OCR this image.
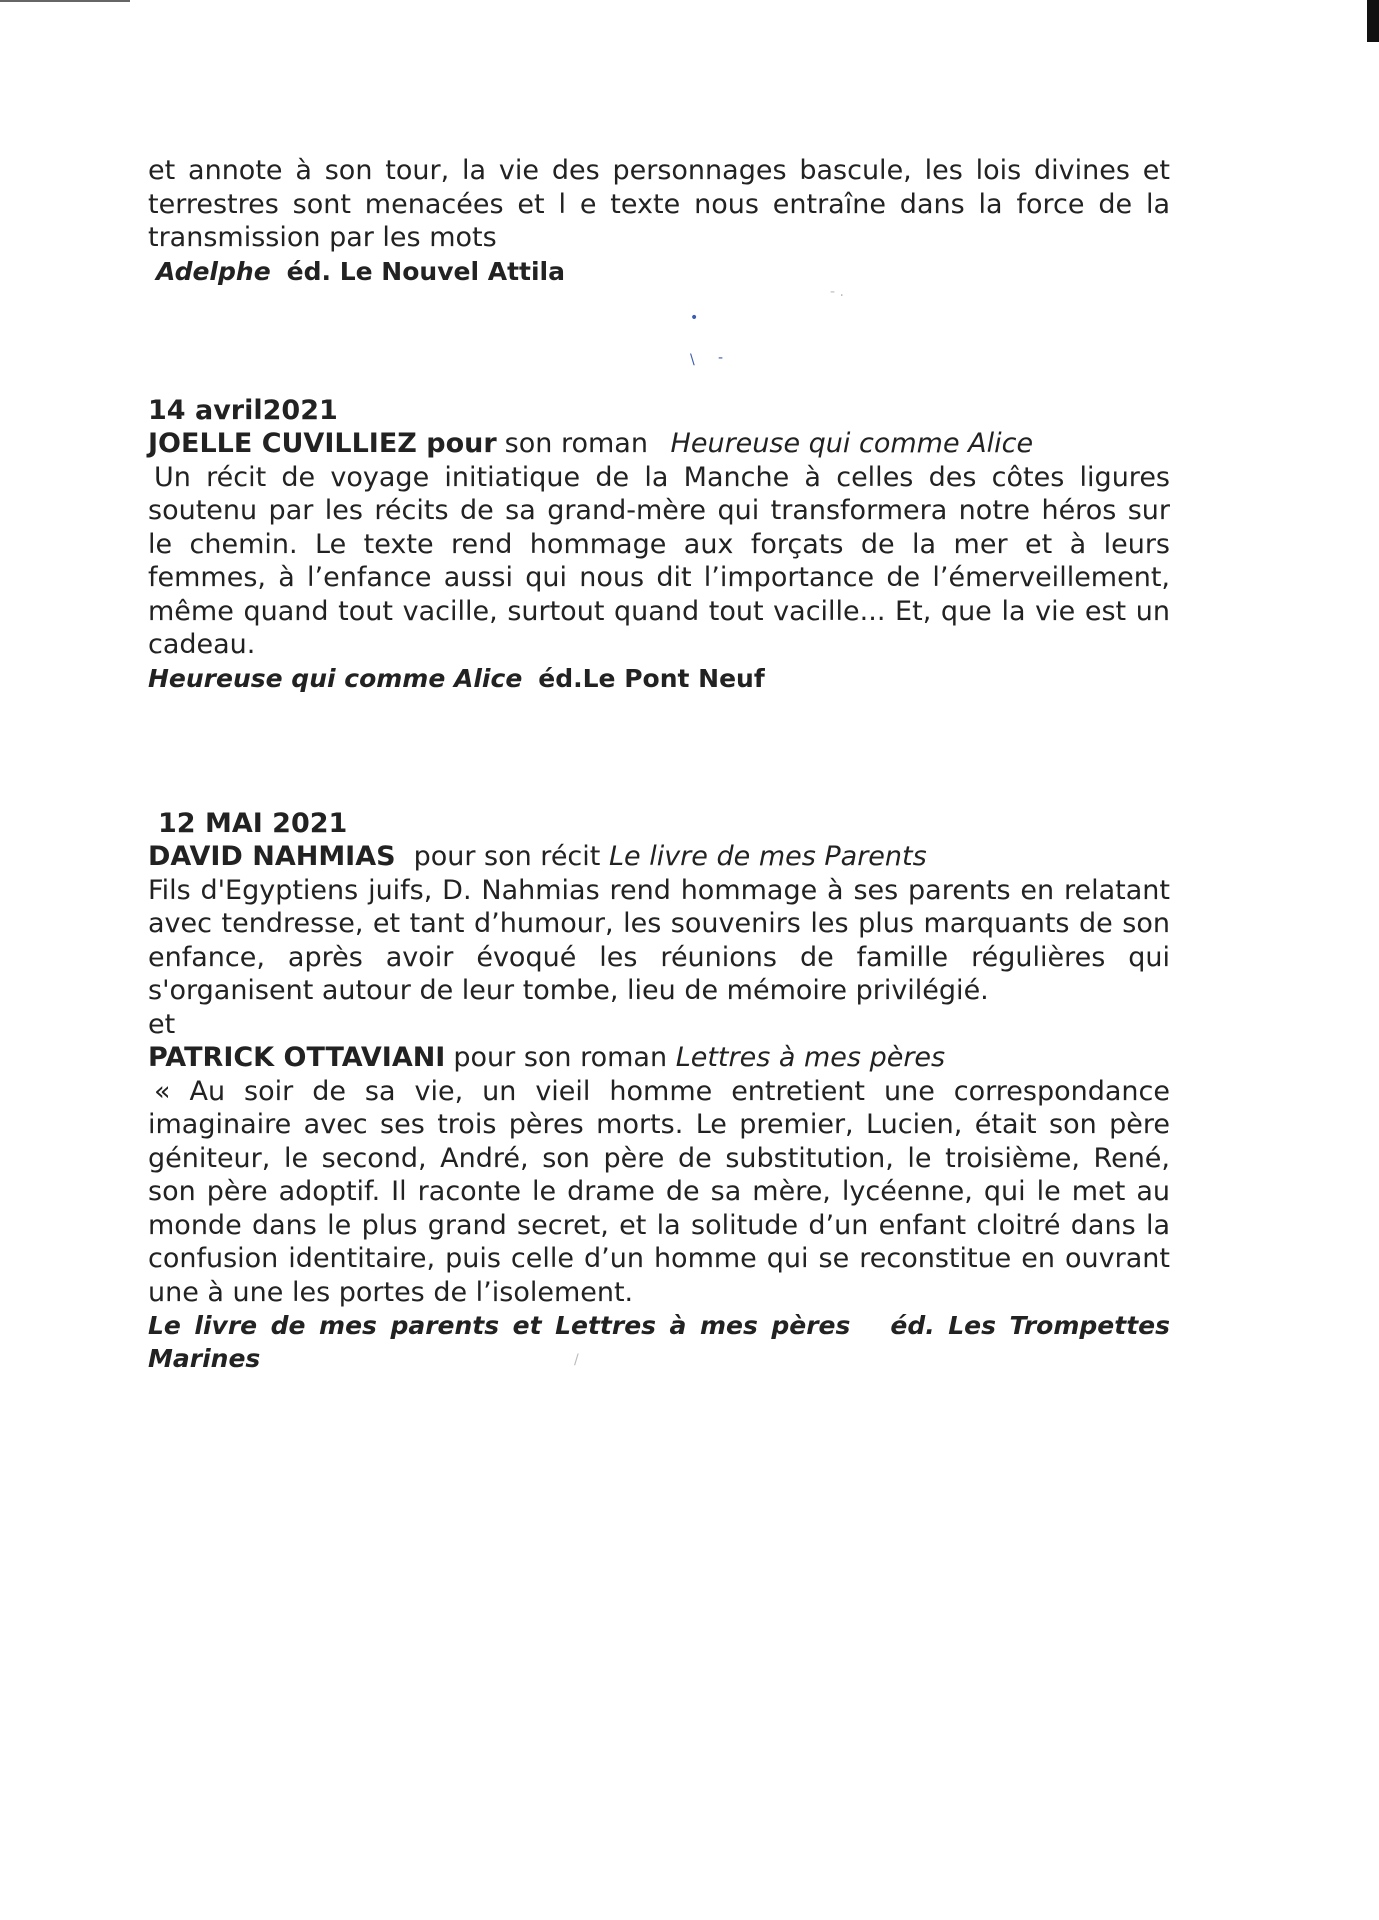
•
\ -
- .
/

et annote à son tour, la vie des personnages bascule, les lois divines et terrestres sont menacées et l e texte nous entraîne dans la force de la transmission par les mots

Adelphe éd. Le Nouvel Attila

14 avril2021

JOELLE CUVILLIEZ pour son roman Heureuse qui comme Alice

Un récit de voyage initiatique de la Manche à celles des côtes ligures soutenu par les récits de sa grand-mère qui transformera notre héros sur le chemin. Le texte rend hommage aux forçats de la mer et à leurs femmes, à l’enfance aussi qui nous dit l’importance de l’émerveillement, même quand tout vacille, surtout quand tout vacille... Et, que la vie est un cadeau.

Heureuse qui comme Alice éd.Le Pont Neuf

12 MAI 2021

DAVID NAHMIAS pour son récit Le livre de mes Parents

Fils d'Egyptiens juifs, D. Nahmias rend hommage à ses parents en relatant avec tendresse, et tant d’humour, les souvenirs les plus marquants de son enfance, après avoir évoqué les réunions de famille régulières qui s'organisent autour de leur tombe, lieu de mémoire privilégié.

et

PATRICK OTTAVIANI pour son roman Lettres à mes pères

« Au soir de sa vie, un vieil homme entretient une correspondance imaginaire avec ses trois pères morts. Le premier, Lucien, était son père géniteur, le second, André, son père de substitution, le troisième, René, son père adoptif. Il raconte le drame de sa mère, lycéenne, qui le met au monde dans le plus grand secret, et la solitude d’un enfant cloitré dans la confusion identitaire, puis celle d’un homme qui se reconstitue en ouvrant une à une les portes de l’isolement.

Le livre de mes parents et Lettres à mes pères éd. Les Trompettes Marines
